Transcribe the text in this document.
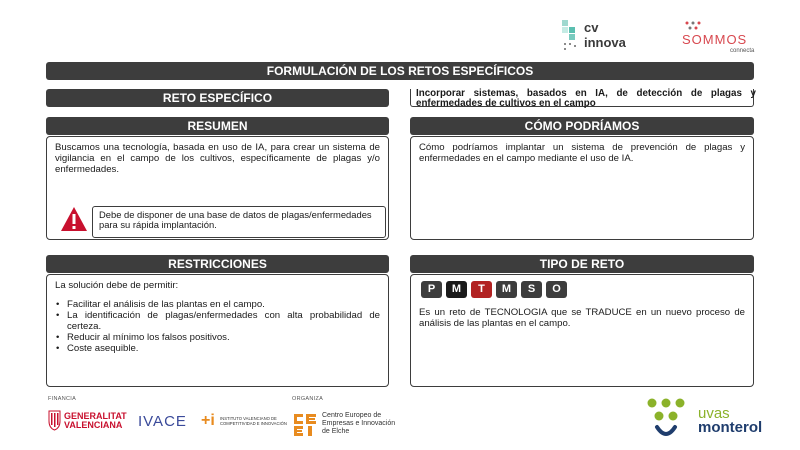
cv innova	SOMMOS
connecta
FORMULACIÓN DE LOS RETOS ESPECÍFICOS
RETO ESPECÍFICO	Incorporar sistemas, basados en IA, de detección de plagas y enfermedades de cultivos en el campo
RESUMEN
Buscamos una tecnología, basada en uso de IA, para crear un sistema de vigilancia en el campo de los cultivos, específicamente de plagas y/o enfermedades.
Debe de disponer de una base de datos de plagas/enfermedades para su rápida implantación.
CÓMO PODRÍAMOS
Cómo podríamos implantar un sistema de prevención de plagas y enfermedades en el campo mediante el uso de IA.
RESTRICCIONES
La solución debe de permitir:
• Facilitar el análisis de las plantas en el campo.
• La identificación de plagas/enfermedades con alta probabilidad de certeza.
• Reducir al mínimo los falsos positivos.
• Coste asequible.
TIPO DE RETO
Es un reto de TECNOLOGIA que se TRADUCE en un nuevo proceso de análisis de las plantas en el campo.
P	M	T	M	S	O
FINANCIA	ORGANIZA
GENERALITAT
VALENCIANA IVACE +i INSTITUTO VALENCIANO DE COMPETITIVIDAD E INNOVACIÓN
Centro Europeo de
Empresas e Innovación
de Elche
uvas
monterol
